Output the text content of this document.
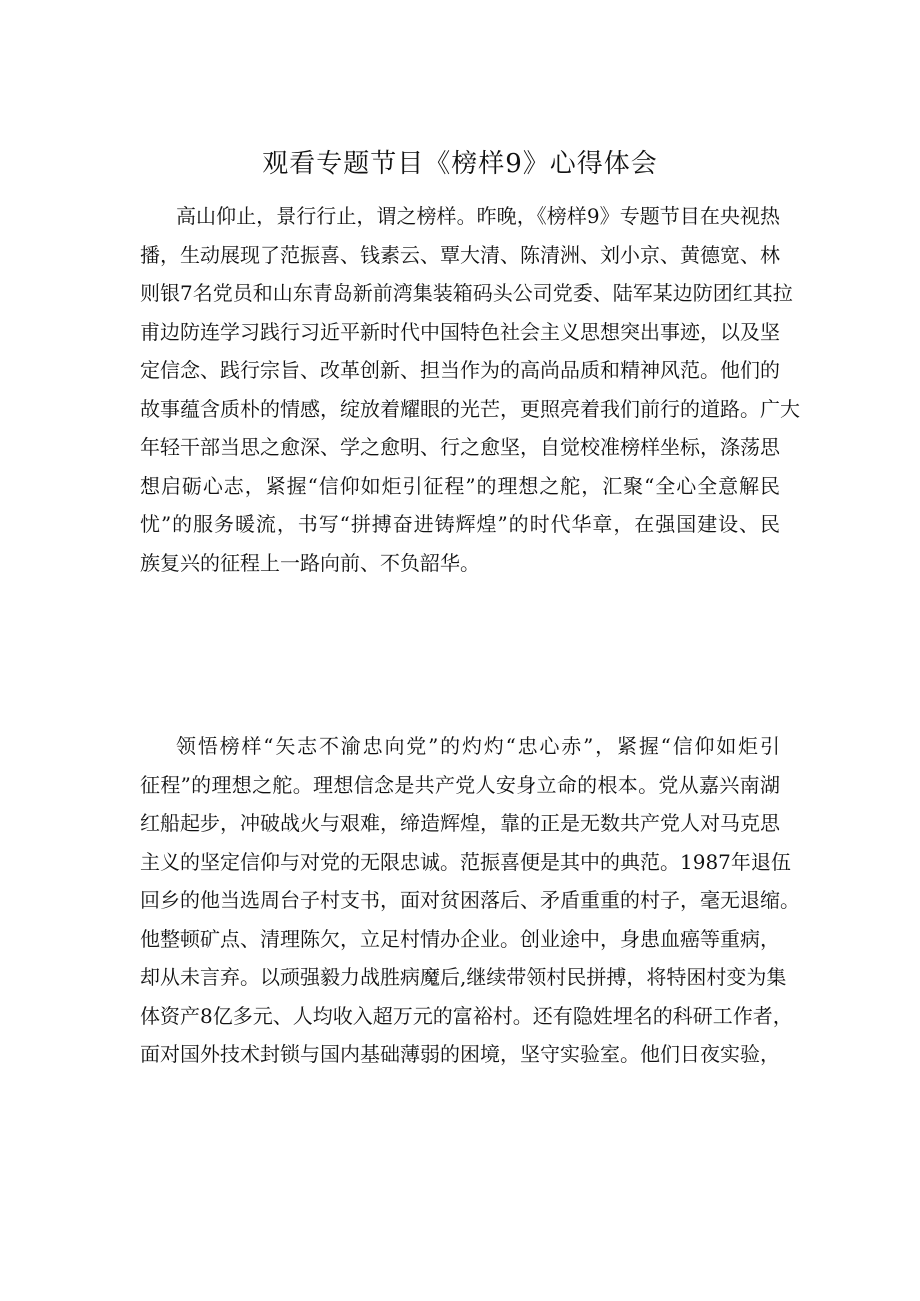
观看专题节目《榜样9》心得体会
高山仰止，景行行止，谓之榜样。昨晚，《榜样9》专题节目在央视热
播，生动展现了范振喜、钱素云、覃大清、陈清洲、刘小京、黄德宽、林
则银7名党员和山东青岛新前湾集装箱码头公司党委、陆军某边防团红其拉
甫边防连学习践行习近平新时代中国特色社会主义思想突出事迹，以及坚
定信念、践行宗旨、改革创新、担当作为的高尚品质和精神风范。他们的
故事蕴含质朴的情感，绽放着耀眼的光芒，更照亮着我们前行的道路。广大
年轻干部当思之愈深、学之愈明、行之愈坚，自觉校准榜样坐标，涤荡思
想启砺心志，紧握“信仰如炬引征程”的理想之舵，汇聚“全心全意解民
忧”的服务暖流，书写“拼搏奋进铸辉煌”的时代华章，在强国建设、民
族复兴的征程上一路向前、不负韶华。
领悟榜样“矢志不渝忠向党”的灼灼“忠心赤”，紧握“信仰如炬引
征程”的理想之舵。理想信念是共产党人安身立命的根本。党从嘉兴南湖
红船起步，冲破战火与艰难，缔造辉煌，靠的正是无数共产党人对马克思
主义的坚定信仰与对党的无限忠诚。范振喜便是其中的典范。1987年退伍
回乡的他当选周台子村支书，面对贫困落后、矛盾重重的村子，毫无退缩。
他整顿矿点、清理陈欠，立足村情办企业。创业途中，身患血癌等重病，
却从未言弃。以顽强毅力战胜病魔后,继续带领村民拼搏，将特困村变为集
体资产8亿多元、人均收入超万元的富裕村。还有隐姓埋名的科研工作者，
面对国外技术封锁与国内基础薄弱的困境，坚守实验室。他们日夜实验，
